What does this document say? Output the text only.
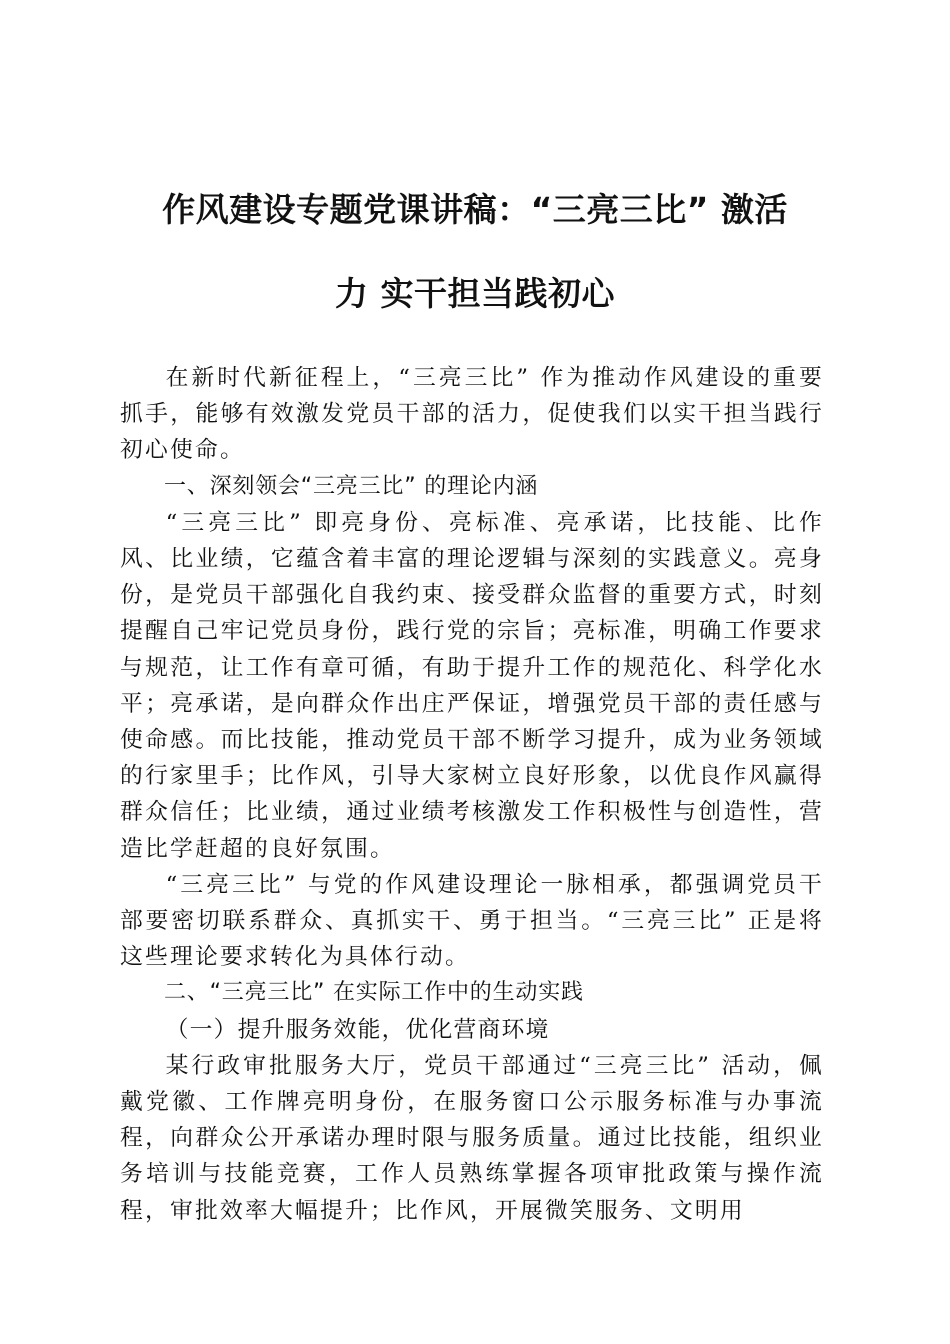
作风建设专题党课讲稿：“三亮三比” 激活
力 实干担当践初心

在新时代新征程上，“三亮三比” 作为推动作风建设的重要抓手，能够有效激发党员干部的活力，促使我们以实干担当践行初心使命。

一、深刻领会“三亮三比” 的理论内涵

“三亮三比” 即亮身份、亮标准、亮承诺，比技能、比作风、比业绩，它蕴含着丰富的理论逻辑与深刻的实践意义。亮身份，是党员干部强化自我约束、接受群众监督的重要方式，时刻提醒自己牢记党员身份，践行党的宗旨；亮标准，明确工作要求与规范，让工作有章可循，有助于提升工作的规范化、科学化水平；亮承诺，是向群众作出庄严保证，增强党员干部的责任感与使命感。而比技能，推动党员干部不断学习提升，成为业务领域的行家里手；比作风，引导大家树立良好形象，以优良作风赢得群众信任；比业绩，通过业绩考核激发工作积极性与创造性，营造比学赶超的良好氛围。

“三亮三比” 与党的作风建设理论一脉相承，都强调党员干部要密切联系群众、真抓实干、勇于担当。“三亮三比” 正是将这些理论要求转化为具体行动。

二、“三亮三比” 在实际工作中的生动实践

（一）提升服务效能，优化营商环境

某行政审批服务大厅，党员干部通过“三亮三比” 活动，佩戴党徽、工作牌亮明身份，在服务窗口公示服务标准与办事流程，向群众公开承诺办理时限与服务质量。通过比技能，组织业务培训与技能竞赛，工作人员熟练掌握各项审批政策与操作流程，审批效率大幅提升；比作风，开展微笑服务、文明用
